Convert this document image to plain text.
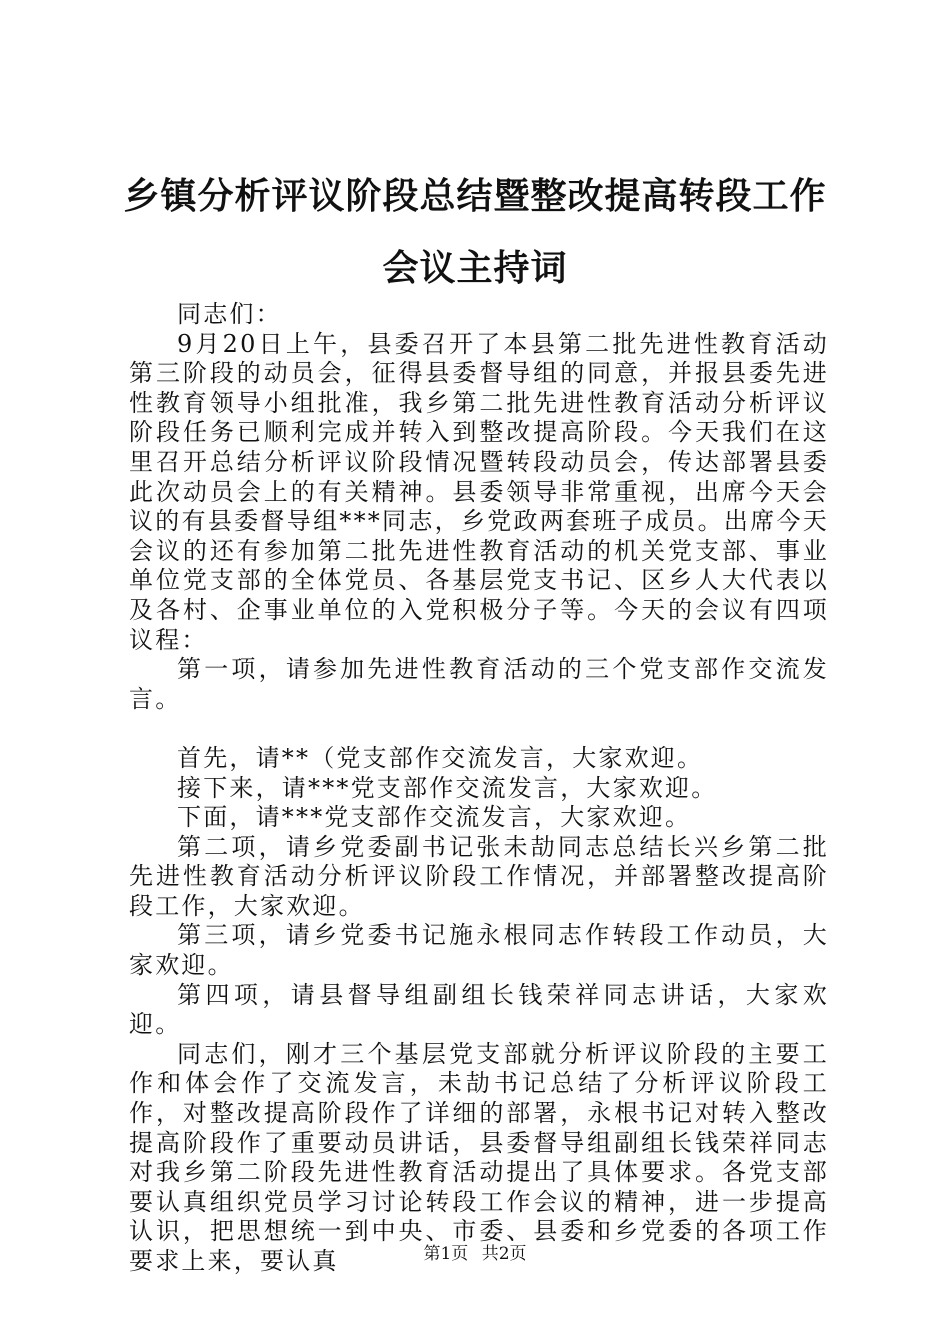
乡镇分析评议阶段总结暨整改提高转段工作会议主持词

同志们：

9月20日上午，县委召开了本县第二批先进性教育活动第三阶段的动员会，征得县委督导组的同意，并报县委先进性教育领导小组批准，我乡第二批先进性教育活动分析评议阶段任务已顺利完成并转入到整改提高阶段。今天我们在这里召开总结分析评议阶段情况暨转段动员会，传达部署县委此次动员会上的有关精神。县委领导非常重视，出席今天会议的有县委督导组***同志，乡党政两套班子成员。出席今天会议的还有参加第二批先进性教育活动的机关党支部、事业单位党支部的全体党员、各基层党支书记、区乡人大代表以及各村、企事业单位的入党积极分子等。今天的会议有四项议程：

第一项，请参加先进性教育活动的三个党支部作交流发言。

首先，请**（党支部作交流发言，大家欢迎。

接下来，请***党支部作交流发言，大家欢迎。

下面，请***党支部作交流发言，大家欢迎。

第二项，请乡党委副书记张未劼同志总结长兴乡第二批先进性教育活动分析评议阶段工作情况，并部署整改提高阶段工作，大家欢迎。

第三项，请乡党委书记施永根同志作转段工作动员，大家欢迎。

第四项，请县督导组副组长钱荣祥同志讲话，大家欢迎。

同志们，刚才三个基层党支部就分析评议阶段的主要工作和体会作了交流发言，未劼书记总结了分析评议阶段工作，对整改提高阶段作了详细的部署，永根书记对转入整改提高阶段作了重要动员讲话，县委督导组副组长钱荣祥同志对我乡第二阶段先进性教育活动提出了具体要求。各党支部要认真组织党员学习讨论转段工作会议的精神，进一步提高认识，把思想统一到中央、市委、县委和乡党委的各项工作要求上来，要认真	第1页 共2页
